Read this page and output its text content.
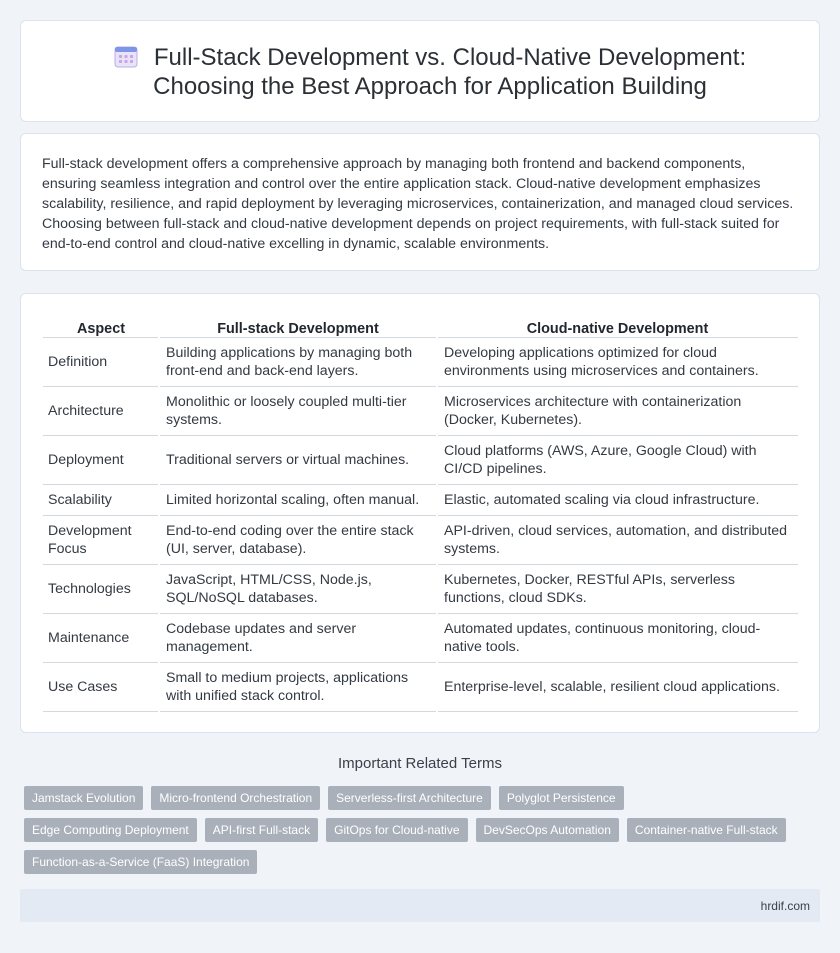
Full-Stack Development vs. Cloud-Native Development: Choosing the Best Approach for Application Building

Full-stack development offers a comprehensive approach by managing both frontend and backend components, ensuring seamless integration and control over the entire application stack. Cloud-native development emphasizes scalability, resilience, and rapid deployment by leveraging microservices, containerization, and managed cloud services. Choosing between full-stack and cloud-native development depends on project requirements, with full-stack suited for end-to-end control and cloud-native excelling in dynamic, scalable environments.

Aspect	Full-stack Development	Cloud-native Development
Definition	Building applications by managing both front-end and back-end layers.	Developing applications optimized for cloud environments using microservices and containers.
Architecture	Monolithic or loosely coupled multi-tier systems.	Microservices architecture with containerization (Docker, Kubernetes).
Deployment	Traditional servers or virtual machines.	Cloud platforms (AWS, Azure, Google Cloud) with CI/CD pipelines.
Scalability	Limited horizontal scaling, often manual.	Elastic, automated scaling via cloud infrastructure.
Development Focus	End-to-end coding over the entire stack (UI, server, database).	API-driven, cloud services, automation, and distributed systems.
Technologies	JavaScript, HTML/CSS, Node.js, SQL/NoSQL databases.	Kubernetes, Docker, RESTful APIs, serverless functions, cloud SDKs.
Maintenance	Codebase updates and server management.	Automated updates, continuous monitoring, cloud-native tools.
Use Cases	Small to medium projects, applications with unified stack control.	Enterprise-level, scalable, resilient cloud applications.
Important Related Terms
Jamstack Evolution	Micro-frontend Orchestration	Serverless-first Architecture	Polyglot Persistence
Edge Computing Deployment	API-first Full-stack	GitOps for Cloud-native	DevSecOps Automation	Container-native Full-stack
Function-as-a-Service (FaaS) Integration
hrdif.com
